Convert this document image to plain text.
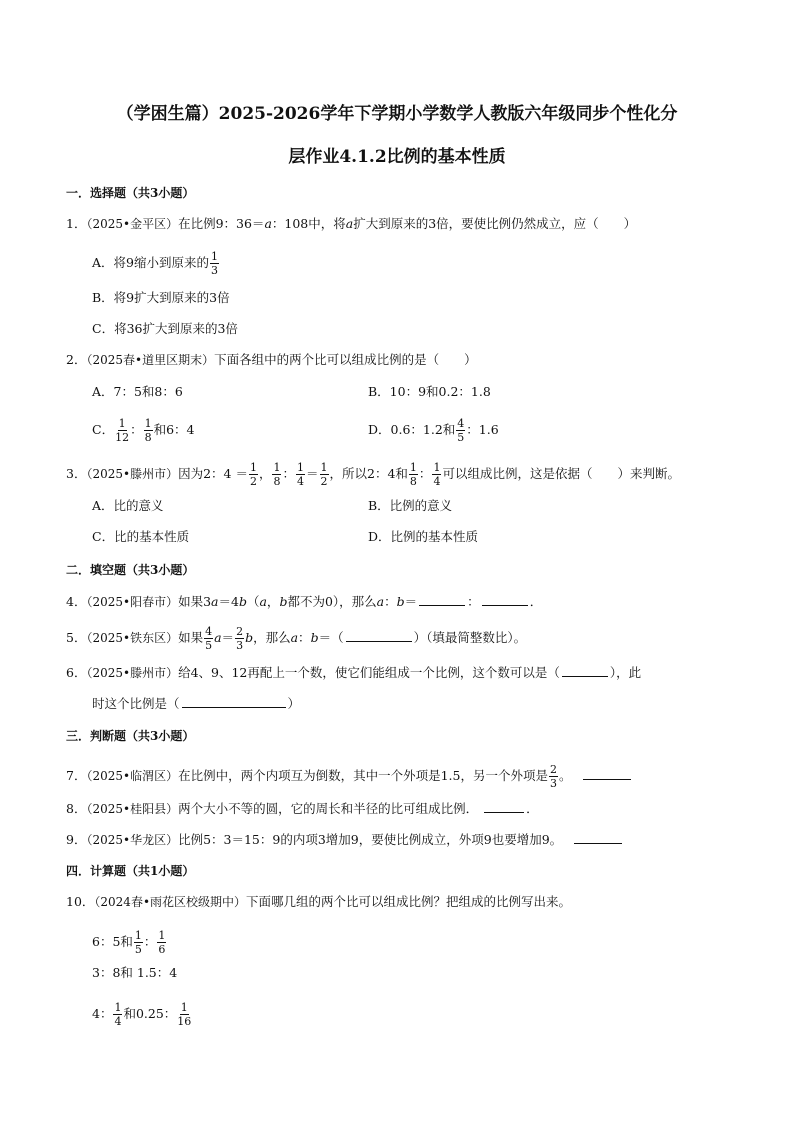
（学困生篇）2025-2026学年下学期小学数学人教版六年级同步个性化分
层作业4.1.2比例的基本性质
一．选择题（共3小题）
1．（2025•金平区）在比例9：36＝a：108中，将a扩大到原来的3倍，要使比例仍然成立，应（　　）
A．将9缩小到原来的 $\frac{1}{3}$
B．将9扩大到原来的3倍
C．将36扩大到原来的3倍
2．（2025春•道里区期末）下面各组中的两个比可以组成比例的是（　　）
A．7：5和8：6	B．10：9和0.2：1.8
C． $\frac{1}{12}$ ： $\frac{1}{8}$ 和6：4	D．0.6：1.2和 $\frac{4}{5}$ ：1.6
3．（2025•滕州市）因为2：$4 = \frac{1}{2}$ ， $\frac{1}{8}$ ： $\frac{1}{4} = \frac{1}{2}$ ，所以2：4和 $\frac{1}{8}$ ： $\frac{1}{4}$ 可以组成比例，这是依据（　　）来判断。
A．比的意义	B．比例的意义
C．比的基本性质	D．比例的基本性质
二．填空题（共3小题）
4．（2025•阳春市）如果3a＝4b（a，b都不为0），那么a：b＝	：	．
5．（2025•铁东区）如果 $\frac{4}{5} a= \frac{2}{3}$ b，那么a：b＝（	）（填最简整数比）。
6．（2025•滕州市）给4、9、12再配上一个数，使它们能组成一个比例，这个数可以是（	），此
时这个比例是（	）
三．判断题（共3小题）
7．（2025•临渭区）在比例中，两个内项互为倒数，其中一个外项是1.5，另一个外项是 $\frac{2}{3}$ 。
8．（2025•桂阳县）两个大小不等的圆，它的周长和半径的比可组成比例．	．
9．（2025•华龙区）比例5：3＝15：9的内项3增加9，要使比例成立，外项9也要增加9。
四．计算题（共1小题）
10．（2024春•雨花区校级期中）下面哪几组的两个比可以组成比例？把组成的比例写出来。
6：5和 $\frac{1}{5}$ ： $\frac{1}{6}$
3：8和 1.5：4
4： $\frac{1}{4}$ 和0.25： $\frac{1}{16}$
